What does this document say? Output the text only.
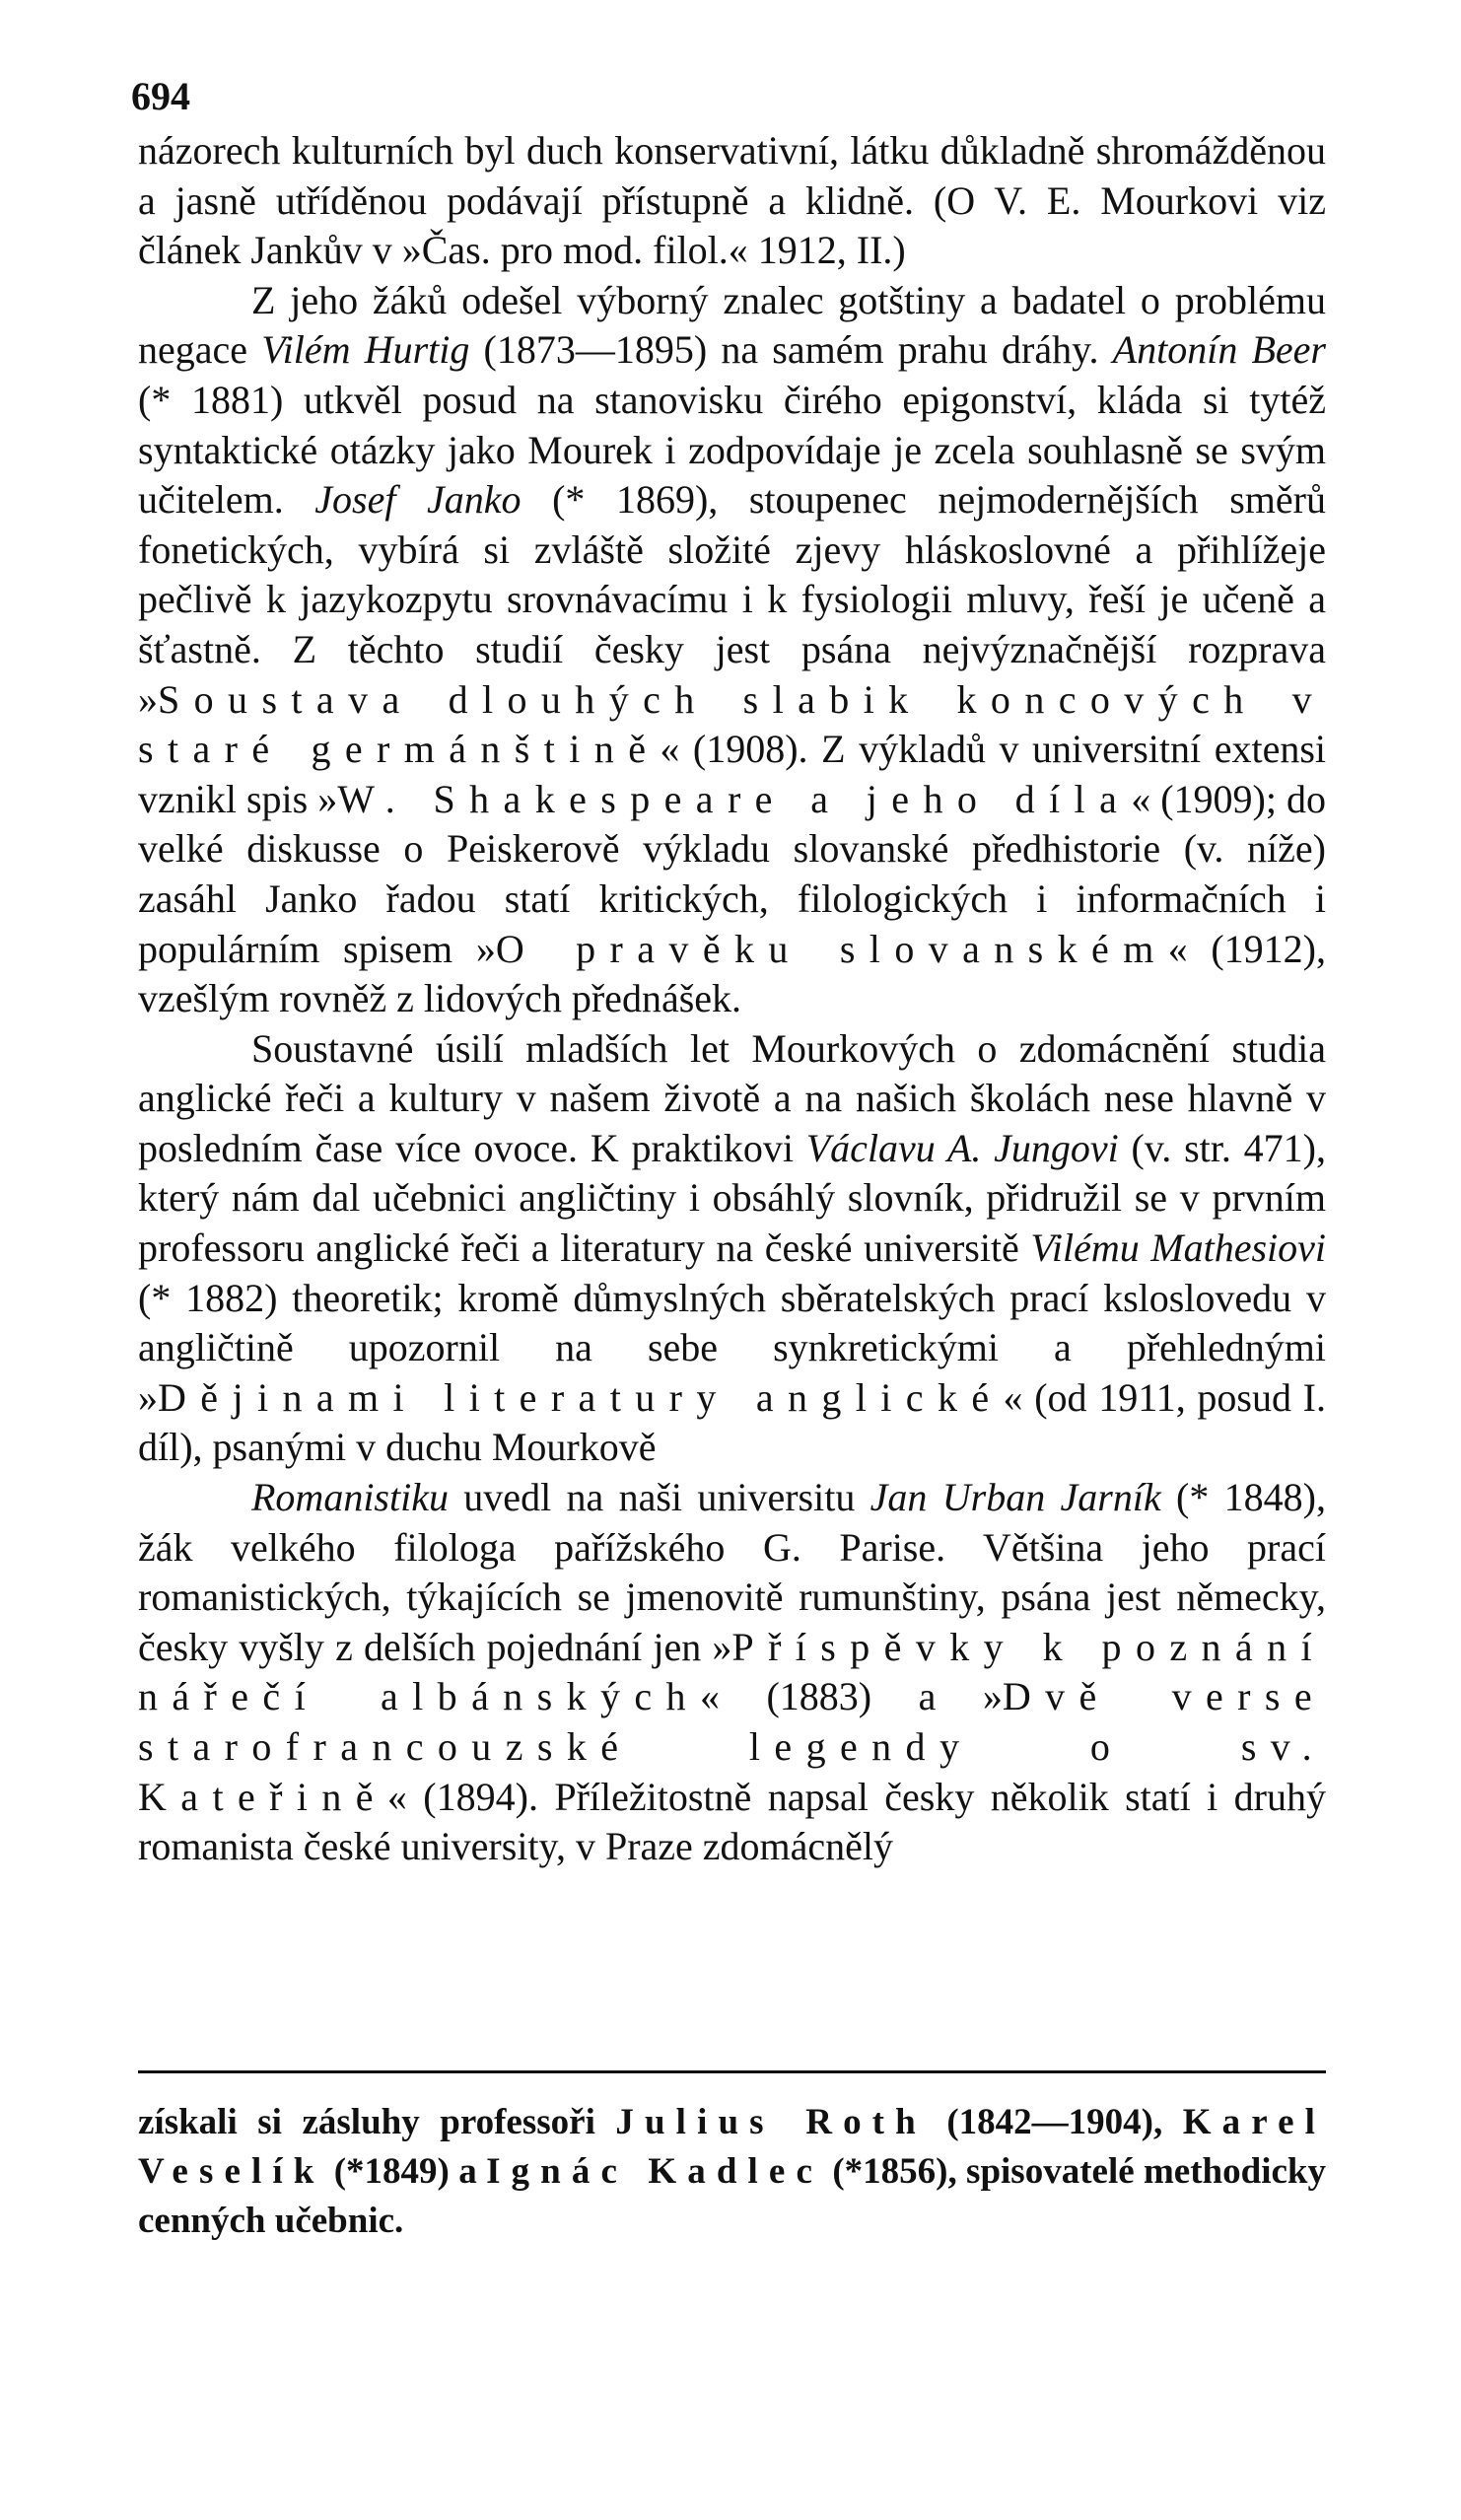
694

názorech kulturních byl duch konservativní, látku důkladně shromážděnou a jasně utříděnou podávají přístupně a klidně. (O V. E. Mourkovi viz článek Jankův v »Čas. pro mod. filol.« 1912, II.)

Z jeho žáků odešel výborný znalec gotštiny a badatel o problému negace Vilém Hurtig (1873—1895) na samém prahu dráhy. Antonín Beer (* 1881) utkvěl posud na stanovisku čirého epigonství, kláda si tytéž syntaktické otázky jako Mourek i zodpovídaje je zcela souhlasně se svým učitelem. Josef Janko (* 1869), stoupenec nejmodernějších směrů fonetických, vybírá si zvláště složité zjevy hláskoslovné a přihlížeje pečlivě k jazykozpytu srovnávacímu i k fysiologii mluvy, řeší je učeně a šťastně. Z těchto studií česky jest psána nejvýznačnější rozprava »Soustava dlouhých slabik koncových v staré germánštině« (1908). Z výkladů v universitní extensi vznikl spis »W. Shakespeare a jeho díla« (1909); do velké diskusse o Peiskerově výkladu slovanské předhistorie (v. níže) zasáhl Janko řadou statí kritických, filologických i informačních i populárním spisem »O pravěku slovanském« (1912), vzešlým rovněž z lidových přednášek.

Soustavné úsilí mladších let Mourkových o zdomácnění studia anglické řeči a kultury v našem životě a na našich školách nese hlavně v posledním čase více ovoce. K praktikovi Václavu A. Jungovi (v. str. 471), který nám dal učebnici angličtiny i obsáhlý slovník, přidružil se v prvním professoru anglické řeči a literatury na české universitě Vilému Mathesiovi (* 1882) theoretik; kromě důmyslných sběratelských prací ksloslovedu v angličtině upozornil na sebe synkretickými a přehlednými »Dějinami literatury anglické« (od 1911, posud I. díl), psanými v duchu Mourkově

Romanistiku uvedl na naši universitu Jan Urban Jarník (* 1848), žák velkého filologa pařížského G. Parise. Většina jeho prací romanistických, týkajících se jmenovitě rumunštiny, psána jest německy, česky vyšly z delších pojednání jen »Příspěvky k poznání nářečí albánských« (1883) a »Dvě verse starofrancouzské legendy o sv. Kateřině« (1894). Příležitostně napsal česky několik statí i druhý romanista české university, v Praze zdomácnělý

získali si zásluhy professoři Julius Roth (1842—1904), Karel Veselík (*1849) a Ignác Kadlec (*1856), spisovatelé methodicky cenných učebnic.
